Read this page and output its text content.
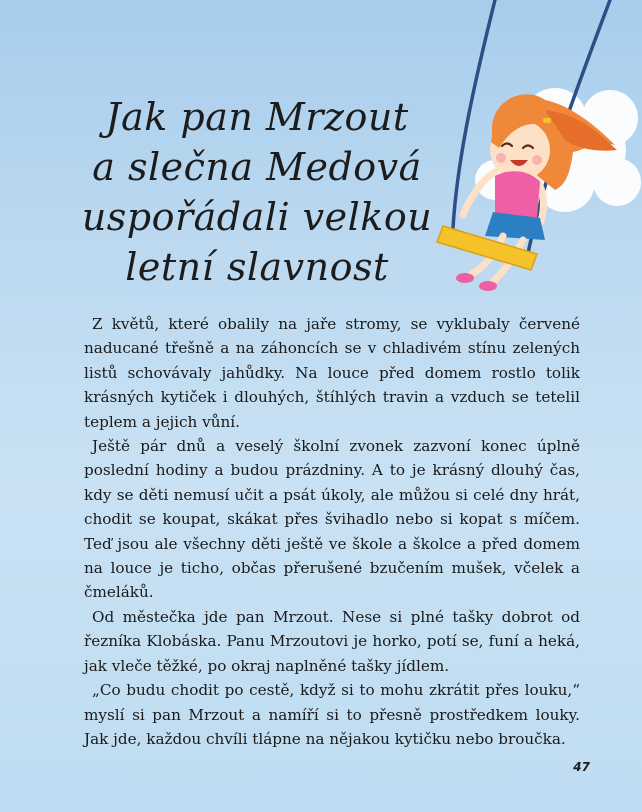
Jak pan Mrzout
a slečna Medová
uspořádali velkou
letní slavnost

Z květů, které obalily na jaře stromy, se vyklubaly červené naducané třešně a na záhoncích se v chladivém stínu zelených listů schovávaly jahůdky. Na louce před domem rostlo tolik krásných kytiček i dlouhých, štíhlých travin a vzduch se tetelil teplem a jejich vůní.

Ještě pár dnů a veselý školní zvonek zazvoní konec úplně poslední hodiny a budou prázdniny. A to je krásný dlouhý čas, kdy se děti nemusí učit a psát úkoly, ale můžou si celé dny hrát, chodit se koupat, skákat přes švihadlo nebo si kopat s míčem. Teď jsou ale všechny děti ještě ve škole a školce a před domem na louce je ticho, občas přerušené bzučením mušek, včelek a čmeláků.

Od městečka jde pan Mrzout. Nese si plné tašky dobrot od řezníka Klobáska. Panu Mrzoutovi je horko, potí se, funí a heká, jak vleče těžké, po okraj naplněné tašky jídlem.

„Co budu chodit po cestě, když si to mohu zkrátit přes louku,“ myslí si pan Mrzout a namíří si to přesně prostředkem louky. Jak jde, každou chvíli tlápne na nějakou kytičku nebo broučka.

47
